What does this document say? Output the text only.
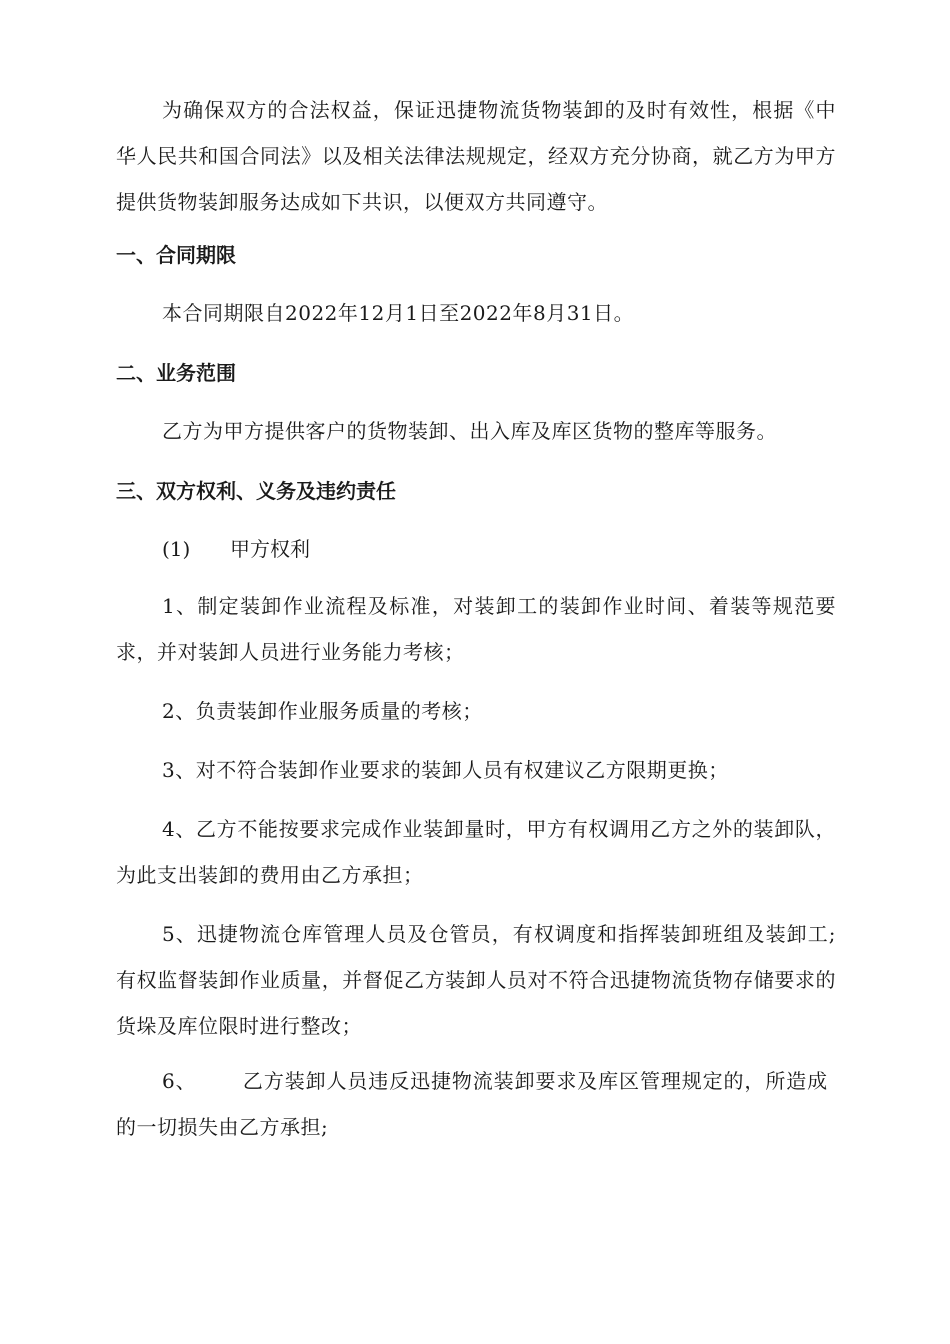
为确保双方的合法权益，保证迅捷物流货物装卸的及时有效性，根据《中华人民共和国合同法》以及相关法律法规规定，经双方充分协商，就乙方为甲方提供货物装卸服务达成如下共识，以便双方共同遵守。

一、合同期限

本合同期限自2022年12月1日至2022年8月31日。

二、业务范围

乙方为甲方提供客户的货物装卸、出入库及库区货物的整库等服务。

三、双方权利、义务及违约责任
(1) 甲方权利

1、制定装卸作业流程及标准，对装卸工的装卸作业时间、着装等规范要求，并对装卸人员进行业务能力考核；

2、负责装卸作业服务质量的考核；

3、对不符合装卸作业要求的装卸人员有权建议乙方限期更换；

4、乙方不能按要求完成作业装卸量时，甲方有权调用乙方之外的装卸队，为此支出装卸的费用由乙方承担；

5、迅捷物流仓库管理人员及仓管员，有权调度和指挥装卸班组及装卸工;有权监督装卸作业质量，并督促乙方装卸人员对不符合迅捷物流货物存储要求的货垛及库位限时进行整改；

6、 乙方装卸人员违反迅捷物流装卸要求及库区管理规定的，所造成的一切损失由乙方承担;
